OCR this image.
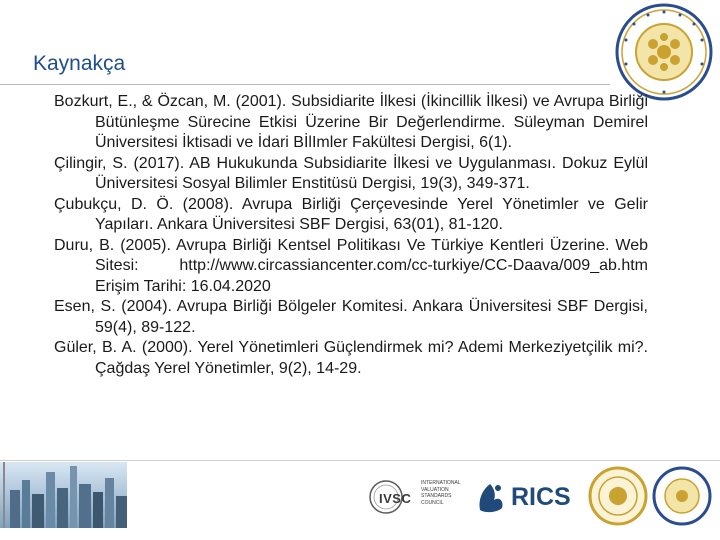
Kaynakça

Bozkurt, E., & Özcan, M. (2001). Subsidiarite İlkesi (İkincillik İlkesi) ve Avrupa Birliği Bütünleşme Sürecine Etkisi Üzerine Bir Değerlendirme. Süleyman Demirel Üniversitesi İktisadi ve İdari BİlImler Fakültesi Dergisi, 6(1).

Çilingir, S. (2017). AB Hukukunda Subsidiarite İlkesi ve Uygulanması. Dokuz Eylül Üniversitesi Sosyal Bilimler Enstitüsü Dergisi, 19(3), 349-371.

Çubukçu, D. Ö. (2008). Avrupa Birliği Çerçevesinde Yerel Yönetimler ve Gelir Yapıları. Ankara Üniversitesi SBF Dergisi, 63(01), 81-120.

Duru, B. (2005). Avrupa Birliği Kentsel Politikası Ve Türkiye Kentleri Üzerine. Web Sitesi: http://www.circassiancenter.com/cc-turkiye/CC-Daava/009_ab.htm Erişim Tarihi: 16.04.2020

Esen, S. (2004). Avrupa Birliği Bölgeler Komitesi. Ankara Üniversitesi SBF Dergisi, 59(4), 89-122.

Güler, B. A. (2000). Yerel Yönetimleri Güçlendirmek mi? Ademi Merkeziyetçilik mi?. Çağdaş Yerel Yönetimler, 9(2), 14-29.

IVSC
INTERNATIONAL VALUATION STANDARDS COUNCIL	RICS
